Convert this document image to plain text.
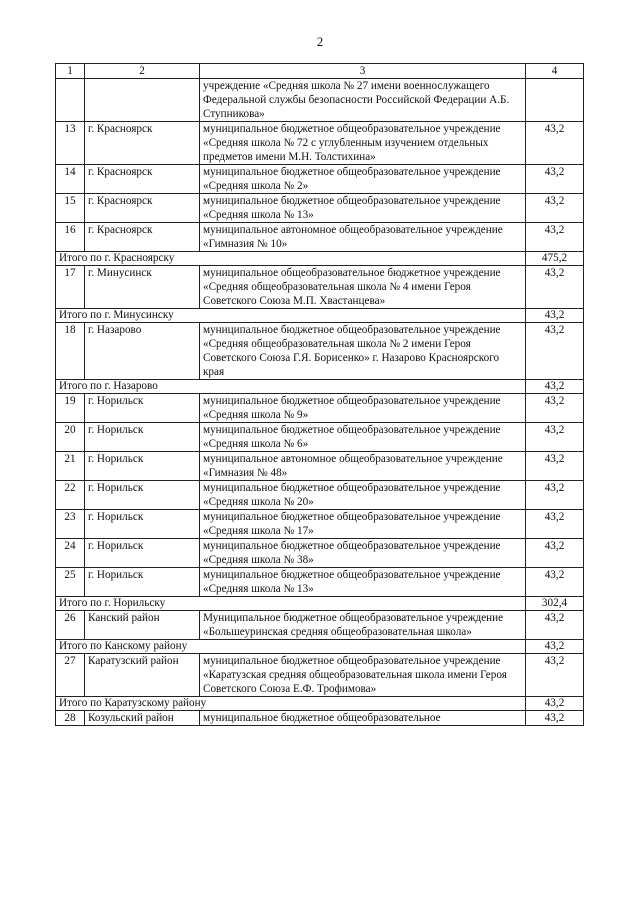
2
1	2	3	4
		учреждение «Средняя школа № 27 имени военнослужащего Федеральной службы безопасности Российской Федерации А.Б. Ступникова»	
13	г. Красноярск	муниципальное бюджетное общеобразовательное учреждение «Средняя школа № 72 с углубленным изучением отдельных предметов имени М.Н. Толстихина»	43,2
14	г. Красноярск	муниципальное бюджетное общеобразовательное учреждение «Средняя школа № 2»	43,2
15	г. Красноярск	муниципальное бюджетное общеобразовательное учреждение «Средняя школа № 13»	43,2
16	г. Красноярск	муниципальное автономное общеобразовательное учреждение «Гимназия № 10»	43,2
Итого по г. Красноярску			475,2
17	г. Минусинск	муниципальное общеобразовательное бюджетное учреждение «Средняя общеобразовательная школа № 4 имени Героя Советского Союза М.П. Хвастанцева»	43,2
Итого по г. Минусинску			43,2
18	г. Назарово	муниципальное бюджетное общеобразовательное учреждение «Средняя общеобразовательная школа № 2 имени Героя Советского Союза Г.Я. Борисенко» г. Назарово Красноярского края	43,2
Итого по г. Назарово			43,2
19	г. Норильск	муниципальное бюджетное общеобразовательное учреждение «Средняя школа № 9»	43,2
20	г. Норильск	муниципальное бюджетное общеобразовательное учреждение «Средняя школа № 6»	43,2
21	г. Норильск	муниципальное автономное общеобразовательное учреждение «Гимназия № 48»	43,2
22	г. Норильск	муниципальное бюджетное общеобразовательное учреждение «Средняя школа № 20»	43,2
23	г. Норильск	муниципальное бюджетное общеобразовательное учреждение «Средняя школа № 17»	43,2
24	г. Норильск	муниципальное бюджетное общеобразовательное учреждение «Средняя школа № 38»	43,2
25	г. Норильск	муниципальное бюджетное общеобразовательное учреждение «Средняя школа № 13»	43,2
Итого по г. Норильску			302,4
26	Канский район	Муниципальное бюджетное общеобразовательное учреждение «Большеуринская средняя общеобразовательная школа»	43,2
Итого по Канскому району			43,2
27	Каратузский район	муниципальное бюджетное общеобразовательное учреждение «Каратузская средняя общеобразовательная школа имени Героя Советского Союза Е.Ф. Трофимова»	43,2
Итого по Каратузскому району			43,2
28	Козульский район	муниципальное бюджетное общеобразовательное	43,2
